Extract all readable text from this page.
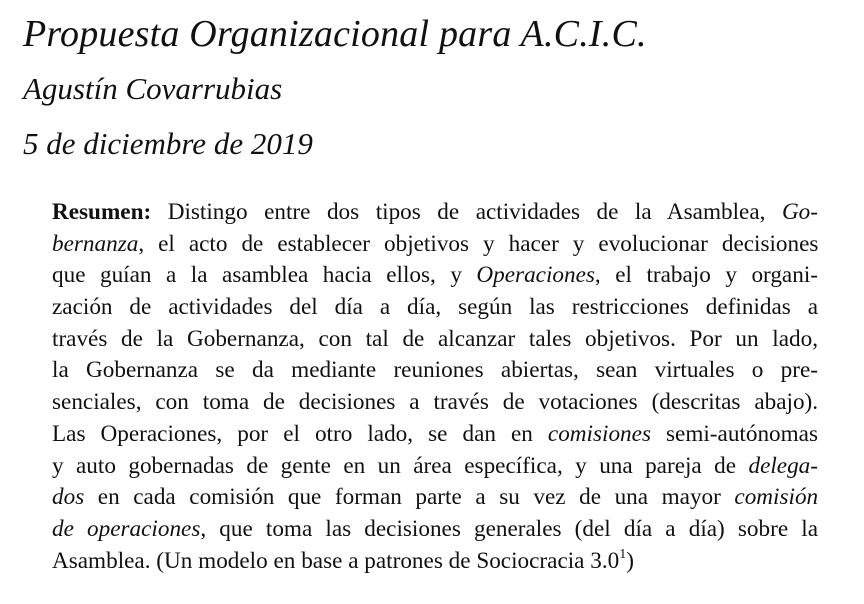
Propuesta Organizacional para A.C.I.C.
Agustín Covarrubias
5 de diciembre de 2019
Resumen: Distingo entre dos tipos de actividades de la Asamblea, Go-
bernanza, el acto de establecer objetivos y hacer y evolucionar decisiones
que guían a la asamblea hacia ellos, y Operaciones, el trabajo y organi-
zación de actividades del día a día, según las restricciones definidas a
través de la Gobernanza, con tal de alcanzar tales objetivos. Por un lado,
la Gobernanza se da mediante reuniones abiertas, sean virtuales o pre-
senciales, con toma de decisiones a través de votaciones (descritas abajo).
Las Operaciones, por el otro lado, se dan en comisiones semi-autónomas
y auto gobernadas de gente en un área específica, y una pareja de delega-
dos en cada comisión que forman parte a su vez de una mayor comisión
de operaciones, que toma las decisiones generales (del día a día) sobre la
Asamblea. (Un modelo en base a patrones de Sociocracia $3.0^1$)
